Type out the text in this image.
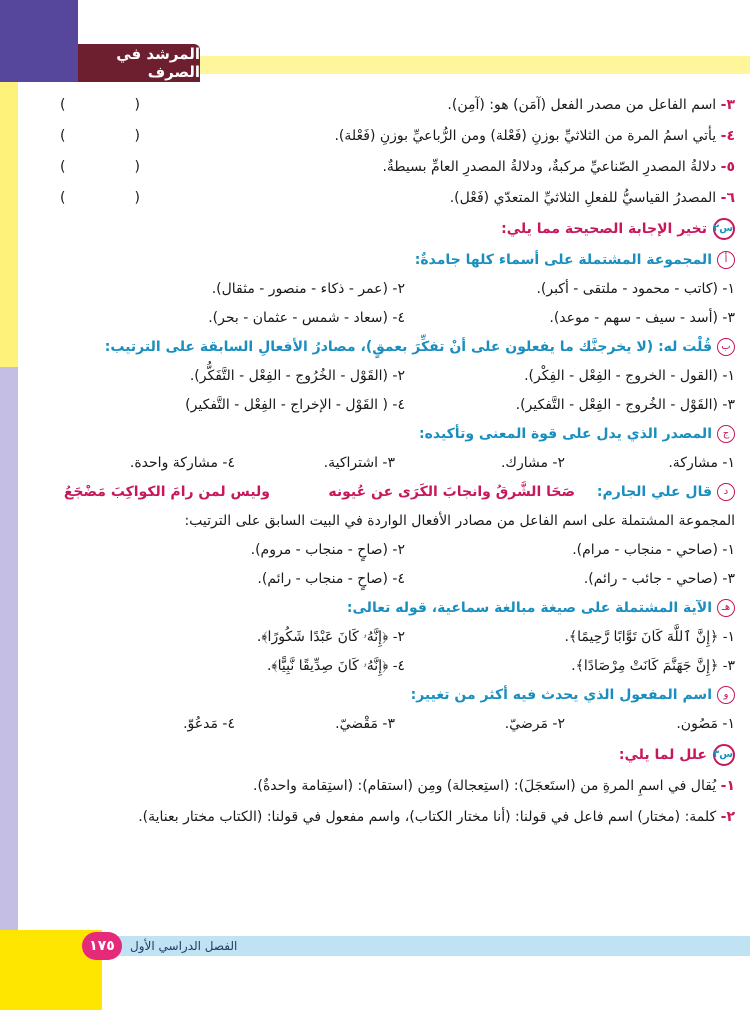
المرشد في الصرف
٣- اسم الفاعل من مصدر الفعل (آمَن) هو: (آمِن).
(	)
٤- يأتي اسمُ المرة من الثلاثيِّ بوزنِ (فَعْلة) ومن الرُّباعيِّ بوزنِ (فَعْلة).
(	)
٥- دلالةُ المصدرِ الصّناعيِّ مركبةٌ، ودلالةُ المصدرِ العامِّ بسيطةٌ.
(	)
٦- المصدرُ القياسيُّ للفعلِ الثلاثيِّ المتعدّي (فَعْل).
(	)
س٢تخير الإجابة الصحيحة مما يلي:
أالمجموعة المشتملة على أسماء كلها جامدةٌ:
١- (كاتب - محمود - ملتقى - أكبر).
٢- (عمر - ذكاء - منصور - مثقال).
٣- (أسد - سيف - سهم - موعد).
٤- (سعاد - شمس - عثمان - بحر).
بقُلْت له: (لا يخرجنَّك ما يفعلون على أنْ تفكِّرَ بعمقٍ)، مصادرُ الأفعالِ السابقة على الترتيب:
١- (القول - الخروج - الفِعْل - الفِكْر).
٢- (القَوْل - الخُرُوج - الفِعْل - التَّفَكُّر).
٣- (القَوْل - الخُروج - الفِعْل - التَّفكير).
٤- ( القَوْل - الإخراج - الفِعْل - التَّفكير)
جالمصدر الذي يدل على قوة المعنى وتأكيده:
١- مشاركة.
٢- مشارك.
٣- اشتراكية.
٤- مشاركة واحدة.
دقال علي الجارم:
صَحَا الشَّرقُ وانجابَ الكَرَى عن عُيونه
وليس لمن رامَ الكواكِبَ مَضْجَعُ
المجموعة المشتملة على اسم الفاعل من مصادر الأفعال الواردة في البيت السابق على الترتيب:
١- (صاحي - منجاب - مرام).
٢- (صاحٍ - منجاب - مروم).
٣- (صاحي - جائب - رائم).
٤- (صاحٍ - منجاب - رائم).
هـالآية المشتملة على صيغة مبالغة سماعية، قوله تعالى:
١- ﴿إِنَّ ٱللَّهَ كَانَ تَوَّابًا رَّحِيمًا﴾.
٢- ﴿إِنَّهُۥ كَانَ عَبْدًا شَكُورًا﴾.
٣- ﴿إِنَّ جَهَنَّمَ كَانَتْ مِرْصَادًا﴾.
٤- ﴿إِنَّهُۥ كَانَ صِدِّيقًا نَّبِيًّا﴾.
واسم المفعول الذي يحدث فيه أكثر من تغيير:
١- مَصُون.
٢- مَرضيّ.
٣- مَقْضيّ.
٤- مَدعُوّ.
س٣علل لما يلي:
١- يُقال في اسمِ المرةِ من (استَعجَلَ): (استِعجالة) ومِن (استقام): (استِقامة واحدةٌ).
٢- كلمة: (مختار) اسم فاعل في قولنا: (أنا مختار الكتاب)، واسم مفعول في قولنا: (الكتاب مختار بعناية).
١٧٥	الفصل الدراسي الأول
